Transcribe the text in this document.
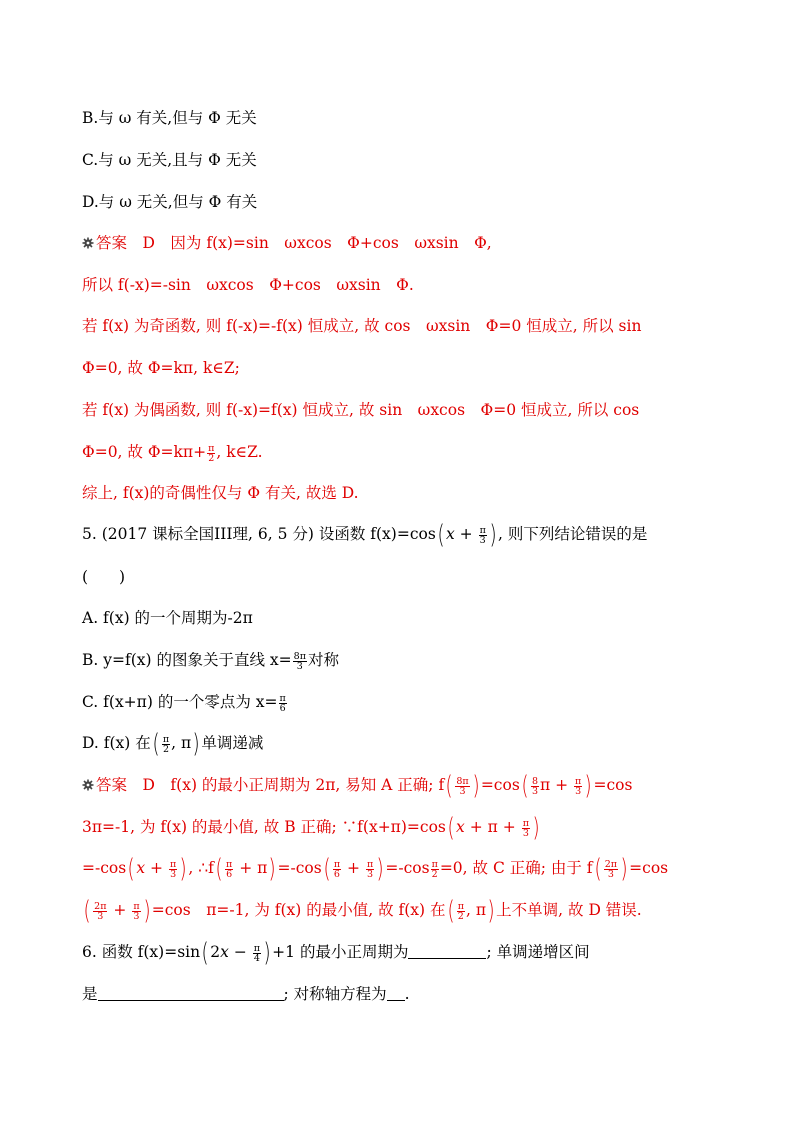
B.与 ω 有关,但与 Φ 无关
C.与 ω 无关,且与 Φ 无关
D.与 ω 无关,但与 Φ 有关
答案　D　因为 f(x)=sin　ωxcos　Φ+cos　ωxsin　Φ,
所以 f(-x)=-sin　ωxcos　Φ+cos　ωxsin　Φ.
若 f(x) 为奇函数, 则 f(-x)=-f(x) 恒成立, 故 cos　ωxsin　Φ=0 恒成立, 所以 sin
Φ=0, 故 Φ=kπ, k∈Z;
若 f(x) 为偶函数, 则 f(-x)=f(x) 恒成立, 故 sin　ωxcos　Φ=0 恒成立, 所以 cos
Φ=0, 故 $\Phi=k\pi+ \frac{\pi}{2}$ , k∈Z.
综上, f(x)的奇偶性仅与 Φ 有关, 故选 D.
5. (2017 课标全国III理, 6, 5 分) 设函数 $f(x)=\cos(x + \frac{\pi}{3}$ ), 则下列结论错误的是
(　　)
A. f(x) 的一个周期为-2π
B. y=f(x) 的图象关于直线 $x= \frac{8\pi}{3}$ 对称
C. f(x+π) 的一个零点为 $x= \frac{\pi}{6}$
D. f(x) 在( $\frac{\pi}{2}$ , π)单调递减
答案　D　f(x) 的最小正周期为 2π, 易知 A 正确; $f( \frac{8\pi}{3} )=\cos( \frac{8}{3}$ $\pi + \frac{\pi}{3} )=\cos$
3π=-1, 为 f(x) 的最小值, 故 B 正确; ∵f(x+π)=cos(x + $\pi + \frac{\pi}{3}$ )
$=-\cos(x + \frac{\pi}{3}$ ), ∴f( $\frac{\pi}{6} + \pi)=-\cos( \frac{\pi}{6} + \frac{\pi}{3} )=-\cos \frac{\pi}{2} =0$, 故 C 正确; 由于 $f( \frac{2\pi}{3} )=\cos$
( $\frac{2\pi}{3} + \frac{\pi}{3} )=\cos$　π=-1, 为 f(x) 的最小值, 故 f(x) 在( $\frac{\pi}{2}$ , π)上不单调, 故 D 错误.
6. 函数 $f(x)=\sin(2x - \frac{\pi}{4} )+1$ 的最小正周期为	; 单调递增区间
是	; 对称轴方程为 .
